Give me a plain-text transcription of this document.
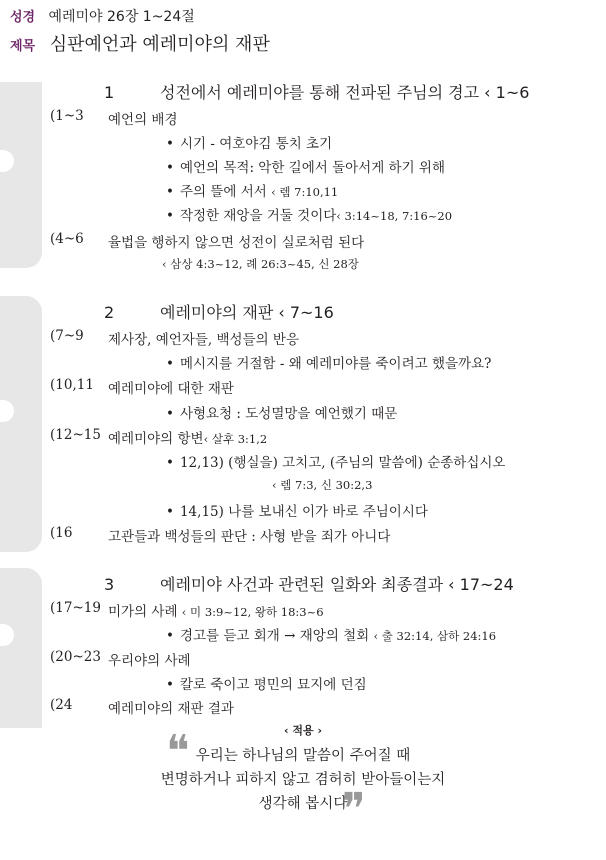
성경 예레미야 26장 1~24절
제목 심판예언과 예레미야의 재판
1	성전에서 예레미야를 통해 전파된 주님의 경고 ‹ 1~6
(1~3 예언의 배경
• 시기 - 여호야김 통치 초기
• 예언의 목적: 악한 길에서 돌아서게 하기 위해
• 주의 뜰에 서서 ‹ 렘 7:10,11
• 작정한 재앙을 거둘 것이다‹ 3:14~18, 7:16~20
(4~6 율법을 행하지 않으면 성전이 실로처럼 된다
‹ 삼상 4:3~12, 례 26:3~45, 신 28장
2	예레미야의 재판 ‹ 7~16
(7~9 제사장, 예언자들, 백성들의 반응
• 메시지를 거절함 - 왜 예레미야를 죽이려고 했을까요?
(10,11 예레미야에 대한 재판
• 사형요청 : 도성멸망을 예언했기 때문
(12~15 예레미야의 항변‹ 살후 3:1,2
• 12,13) (행실을) 고치고, (주님의 말씀에) 순종하십시오
‹ 렘 7:3, 신 30:2,3
• 14,15) 나를 보내신 이가 바로 주님이시다
(16	고관들과 백성들의 판단 : 사형 받을 죄가 아니다
3	예레미야 사건과 관련된 일화와 최종결과 ‹ 17~24
(17~19 미가의 사례 ‹ 미 3:9~12, 왕하 18:3~6
• 경고를 듣고 회개 → 재앙의 철회 ‹ 출 32:14, 삼하 24:16
(20~23 우리야의 사례
• 칼로 죽이고 평민의 묘지에 던짐
(24	예레미야의 재판 결과
‹ 적용 ›
❝ 우리는 하나님의 말씀이 주어질 때
변명하거나 피하지 않고 겸허히 받아들이는지
생각해 봅시다
❞
